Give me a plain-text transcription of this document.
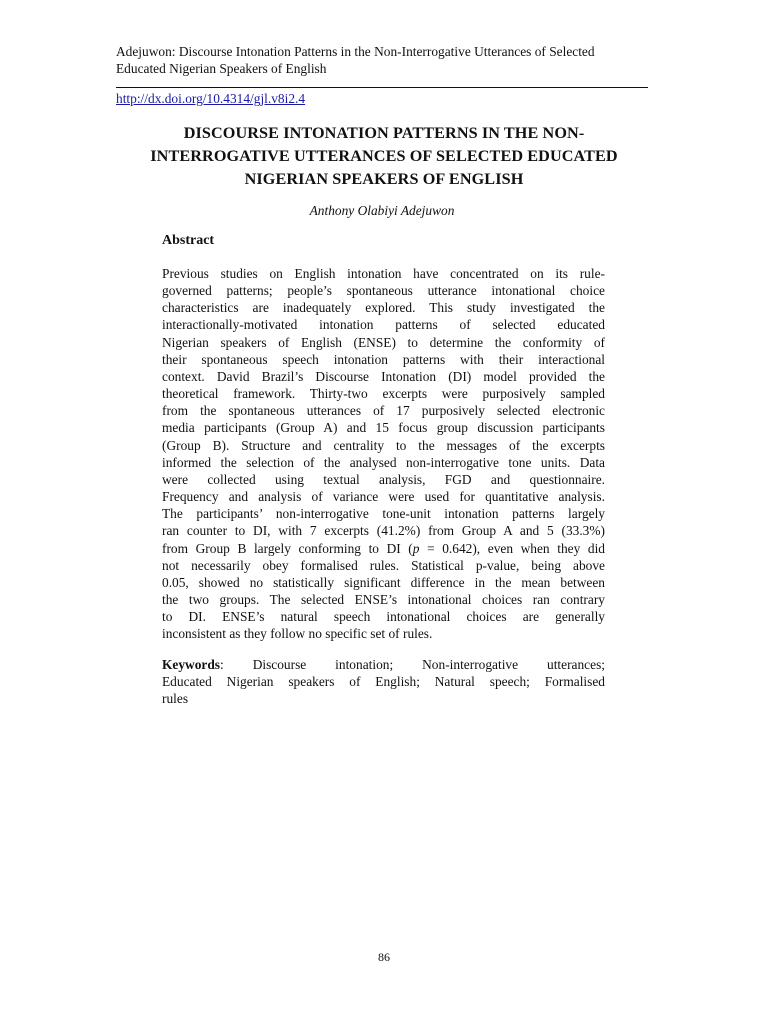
Adejuwon: Discourse Intonation Patterns in the Non-Interrogative Utterances of Selected
Educated Nigerian Speakers of English
http://dx.doi.org/10.4314/gjl.v8i2.4
DISCOURSE INTONATION PATTERNS IN THE NON-
INTERROGATIVE UTTERANCES OF SELECTED EDUCATED
NIGERIAN SPEAKERS OF ENGLISH
Anthony Olabiyi Adejuwon
Abstract
Previous studies on English intonation have concentrated on its rule-
governed patterns; people’s spontaneous utterance intonational choice
characteristics are inadequately explored. This study investigated the
interactionally-motivated intonation patterns of selected educated
Nigerian speakers of English (ENSE) to determine the conformity of
their spontaneous speech intonation patterns with their interactional
context. David Brazil’s Discourse Intonation (DI) model provided the
theoretical framework. Thirty-two excerpts were purposively sampled
from the spontaneous utterances of 17 purposively selected electronic
media participants (Group A) and 15 focus group discussion participants
(Group B). Structure and centrality to the messages of the excerpts
informed the selection of the analysed non-interrogative tone units. Data
were collected using textual analysis, FGD and questionnaire.
Frequency and analysis of variance were used for quantitative analysis.
The participants’ non-interrogative tone-unit intonation patterns largely
ran counter to DI, with 7 excerpts (41.2%) from Group A and 5 (33.3%)
from Group B largely conforming to DI (p = 0.642), even when they did
not necessarily obey formalised rules. Statistical p-value, being above
0.05, showed no statistically significant difference in the mean between
the two groups. The selected ENSE’s intonational choices ran contrary
to DI. ENSE’s natural speech intonational choices are generally
inconsistent as they follow no specific set of rules.
Keywords: Discourse intonation; Non-interrogative utterances;
Educated Nigerian speakers of English; Natural speech; Formalised
rules
86
